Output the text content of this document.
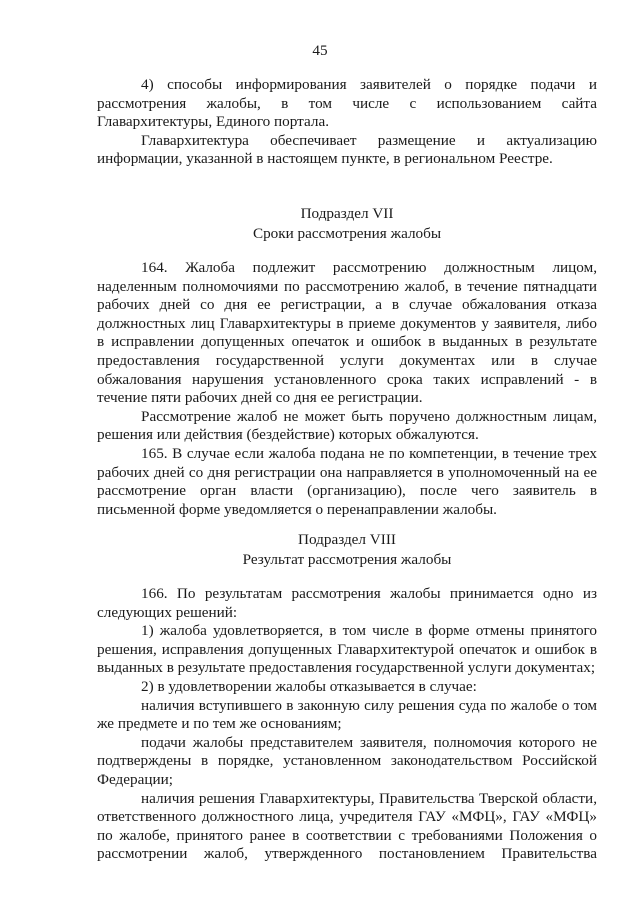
45

4) способы информирования заявителей о порядке подачи и рассмотрения жалобы, в том числе с использованием сайта Главархитектуры, Единого портала.

Главархитектура обеспечивает размещение и актуализацию информации, указанной в настоящем пункте, в региональном Реестре.

Подраздел VII
Сроки рассмотрения жалобы

164. Жалоба подлежит рассмотрению должностным лицом, наделенным полномочиями по рассмотрению жалоб, в течение пятнадцати рабочих дней со дня ее регистрации, а в случае обжалования отказа должностных лиц Главархитектуры в приеме документов у заявителя, либо в исправлении допущенных опечаток и ошибок в выданных в результате предоставления государственной услуги документах или в случае обжалования нарушения установленного срока таких исправлений - в течение пяти рабочих дней со дня ее регистрации.

Рассмотрение жалоб не может быть поручено должностным лицам, решения или действия (бездействие) которых обжалуются.

165. В случае если жалоба подана не по компетенции, в течение трех рабочих дней со дня регистрации она направляется в уполномоченный на ее рассмотрение орган власти (организацию), после чего заявитель в письменной форме уведомляется о перенаправлении жалобы.

Подраздел VIII
Результат рассмотрения жалобы

166. По результатам рассмотрения жалобы принимается одно из следующих решений:

1) жалоба удовлетворяется, в том числе в форме отмены принятого решения, исправления допущенных Главархитектурой опечаток и ошибок в выданных в результате предоставления государственной услуги документах;

2) в удовлетворении жалобы отказывается в случае:

наличия вступившего в законную силу решения суда по жалобе о том же предмете и по тем же основаниям;

подачи жалобы представителем заявителя, полномочия которого не подтверждены в порядке, установленном законодательством Российской Федерации;

наличия решения Главархитектуры, Правительства Тверской области, ответственного должностного лица, учредителя ГАУ «МФЦ», ГАУ «МФЦ» по жалобе, принятого ранее в соответствии с требованиями Положения о рассмотрении жалоб, утвержденного постановлением Правительства
